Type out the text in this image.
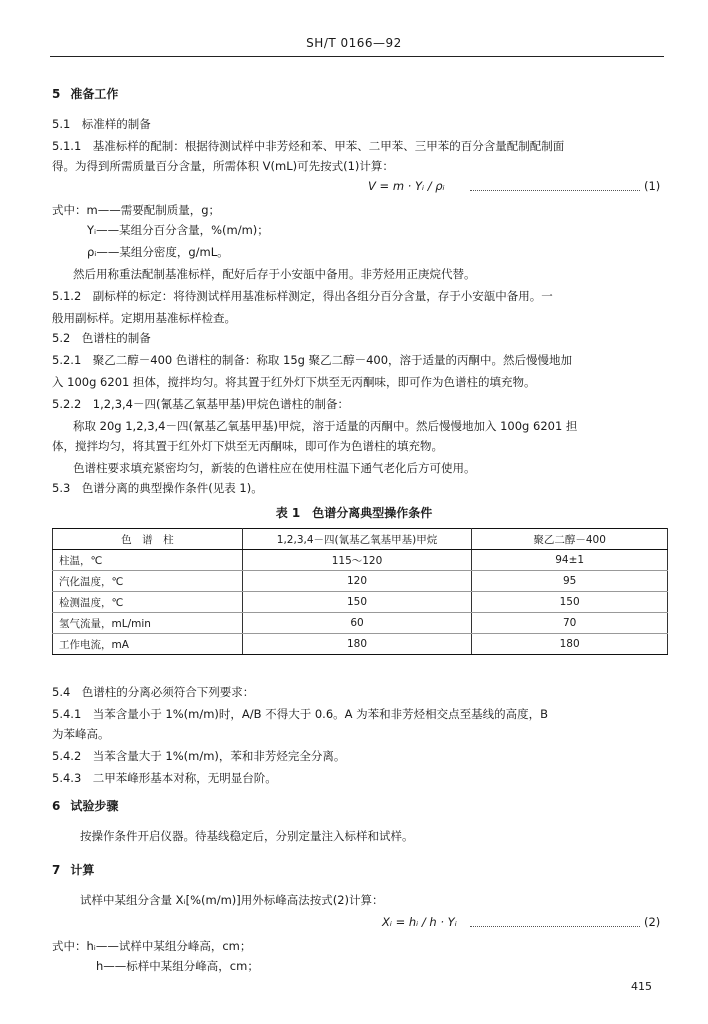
SH/T 0166—92
5 准备工作
5.1　标准样的制备
5.1.1　基准标样的配制：根据待测试样中非芳烃和苯、甲苯、二甲苯、三甲苯的百分含量配制配制面
得。为得到所需质量百分含量，所需体积 V(mL)可先按式(1)计算：
V = m · Yᵢ / ρᵢ	(1)
式中：m——需要配制质量，g；
Yᵢ——某组分百分含量，%(m/m)；
ρᵢ——某组分密度，g/mL。
然后用称重法配制基准标样，配好后存于小安瓿中备用。非芳烃用正庚烷代替。
5.1.2　副标样的标定：将待测试样用基准标样测定，得出各组分百分含量，存于小安瓿中备用。一
般用副标样。定期用基准标样检查。
5.2　色谱柱的制备
5.2.1　聚乙二醇－400 色谱柱的制备：称取 15g 聚乙二醇－400，溶于适量的丙酮中。然后慢慢地加
入 100g 6201 担体，搅拌均匀。将其置于红外灯下烘至无丙酮味，即可作为色谱柱的填充物。
5.2.2　1,2,3,4－四(氰基乙氧基甲基)甲烷色谱柱的制备：
称取 20g 1,2,3,4－四(氰基乙氧基甲基)甲烷，溶于适量的丙酮中。然后慢慢地加入 100g 6201 担
体，搅拌均匀，将其置于红外灯下烘至无丙酮味，即可作为色谱柱的填充物。
色谱柱要求填充紧密均匀，新装的色谱柱应在使用柱温下通气老化后方可使用。
5.3　色谱分离的典型操作条件(见表 1)。
表 1　色谱分离典型操作条件
色　谱　柱	1,2,3,4－四(氰基乙氧基甲基)甲烷	聚乙二醇－400
柱温，℃	115～120	94±1
汽化温度，℃	120	95
检测温度，℃	150	150
氢气流量，mL/min	60	70
工作电流，mA	180	180
5.4　色谱柱的分离必须符合下列要求：
5.4.1　当苯含量小于 1%(m/m)时，A/B 不得大于 0.6。A 为苯和非芳烃相交点至基线的高度，B
为苯峰高。
5.4.2　当苯含量大于 1%(m/m)，苯和非芳烃完全分离。
5.4.3　二甲苯峰形基本对称，无明显台阶。
6 试验步骤
按操作条件开启仪器。待基线稳定后，分别定量注入标样和试样。
7 计算
试样中某组分含量 Xᵢ[%(m/m)]用外标峰高法按式(2)计算：
Xᵢ = hᵢ / h · Yᵢ	(2)
式中：hᵢ——试样中某组分峰高，cm；
h——标样中某组分峰高，cm；
415
